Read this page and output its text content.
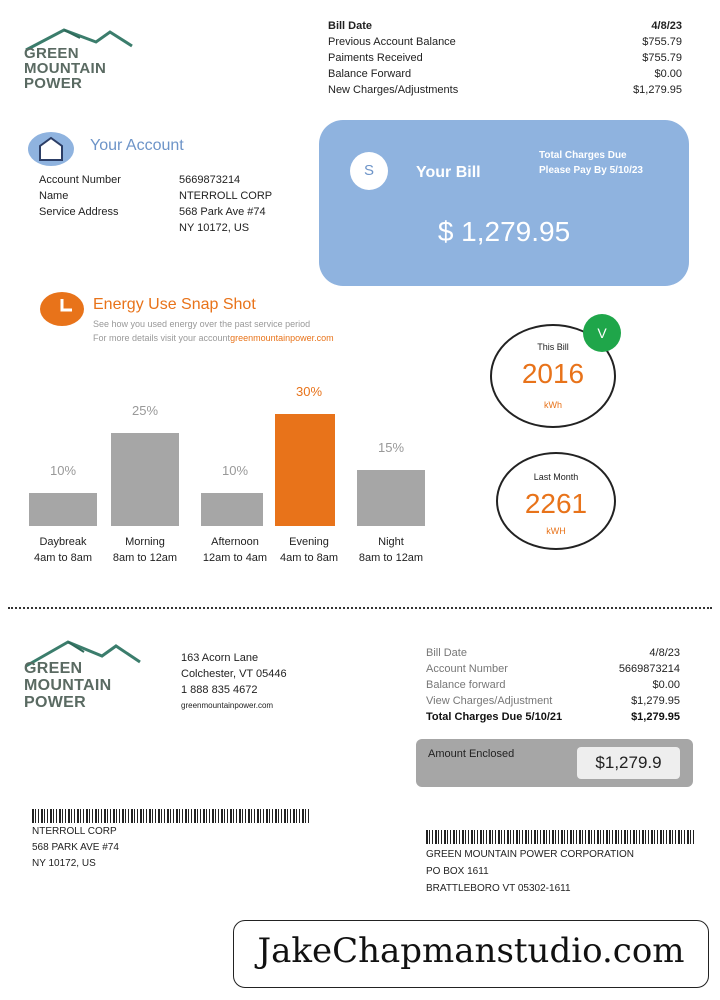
GREEN
MOUNTAIN
POWER
Bill Date	4/8/23
Previous Account Balance	$755.79
Paiments Received	$755.79
Balance Forward	$0.00
New Charges/Adjustments	$1,279.95
Your Account
Account Number	5669873214
Name	NTERROLL CORP
Service Address	568 Park Ave #74
NY 10172, US
S	Your Bill
Total Charges Due
Please Pay By 5/10/23
$ 1,279.95
Energy Use Snap Shot
See how you used energy over the past service period
For more details visit your accountgreenmountainpower.com
10%
Daybreak
4am to 8am
25%
Morning
8am to 12am
10%
Afternoon
12am to 4am
30%
Evening
4am to 8am
15%
Night
8am to 12am
This Bill
2016
kWh
V
Last Month
2261
kWH
GREEN
MOUNTAIN
POWER
163 Acorn Lane
Colchester, VT 05446
1 888 835 4672
greenmountainpower.com
Bill Date	4/8/23
Account Number	5669873214
Balance forward	$0.00
View Charges/Adjustment	$1,279.95
Total Charges Due 5/10/21	$1,279.95
Amount Enclosed	$1,279.9
NTERROLL CORP
568 PARK AVE #74
NY 10172, US
GREEN MOUNTAIN POWER CORPORATION
PO BOX 1611
BRATTLEBORO VT 05302-1611
JakeChapmanstudio.com
